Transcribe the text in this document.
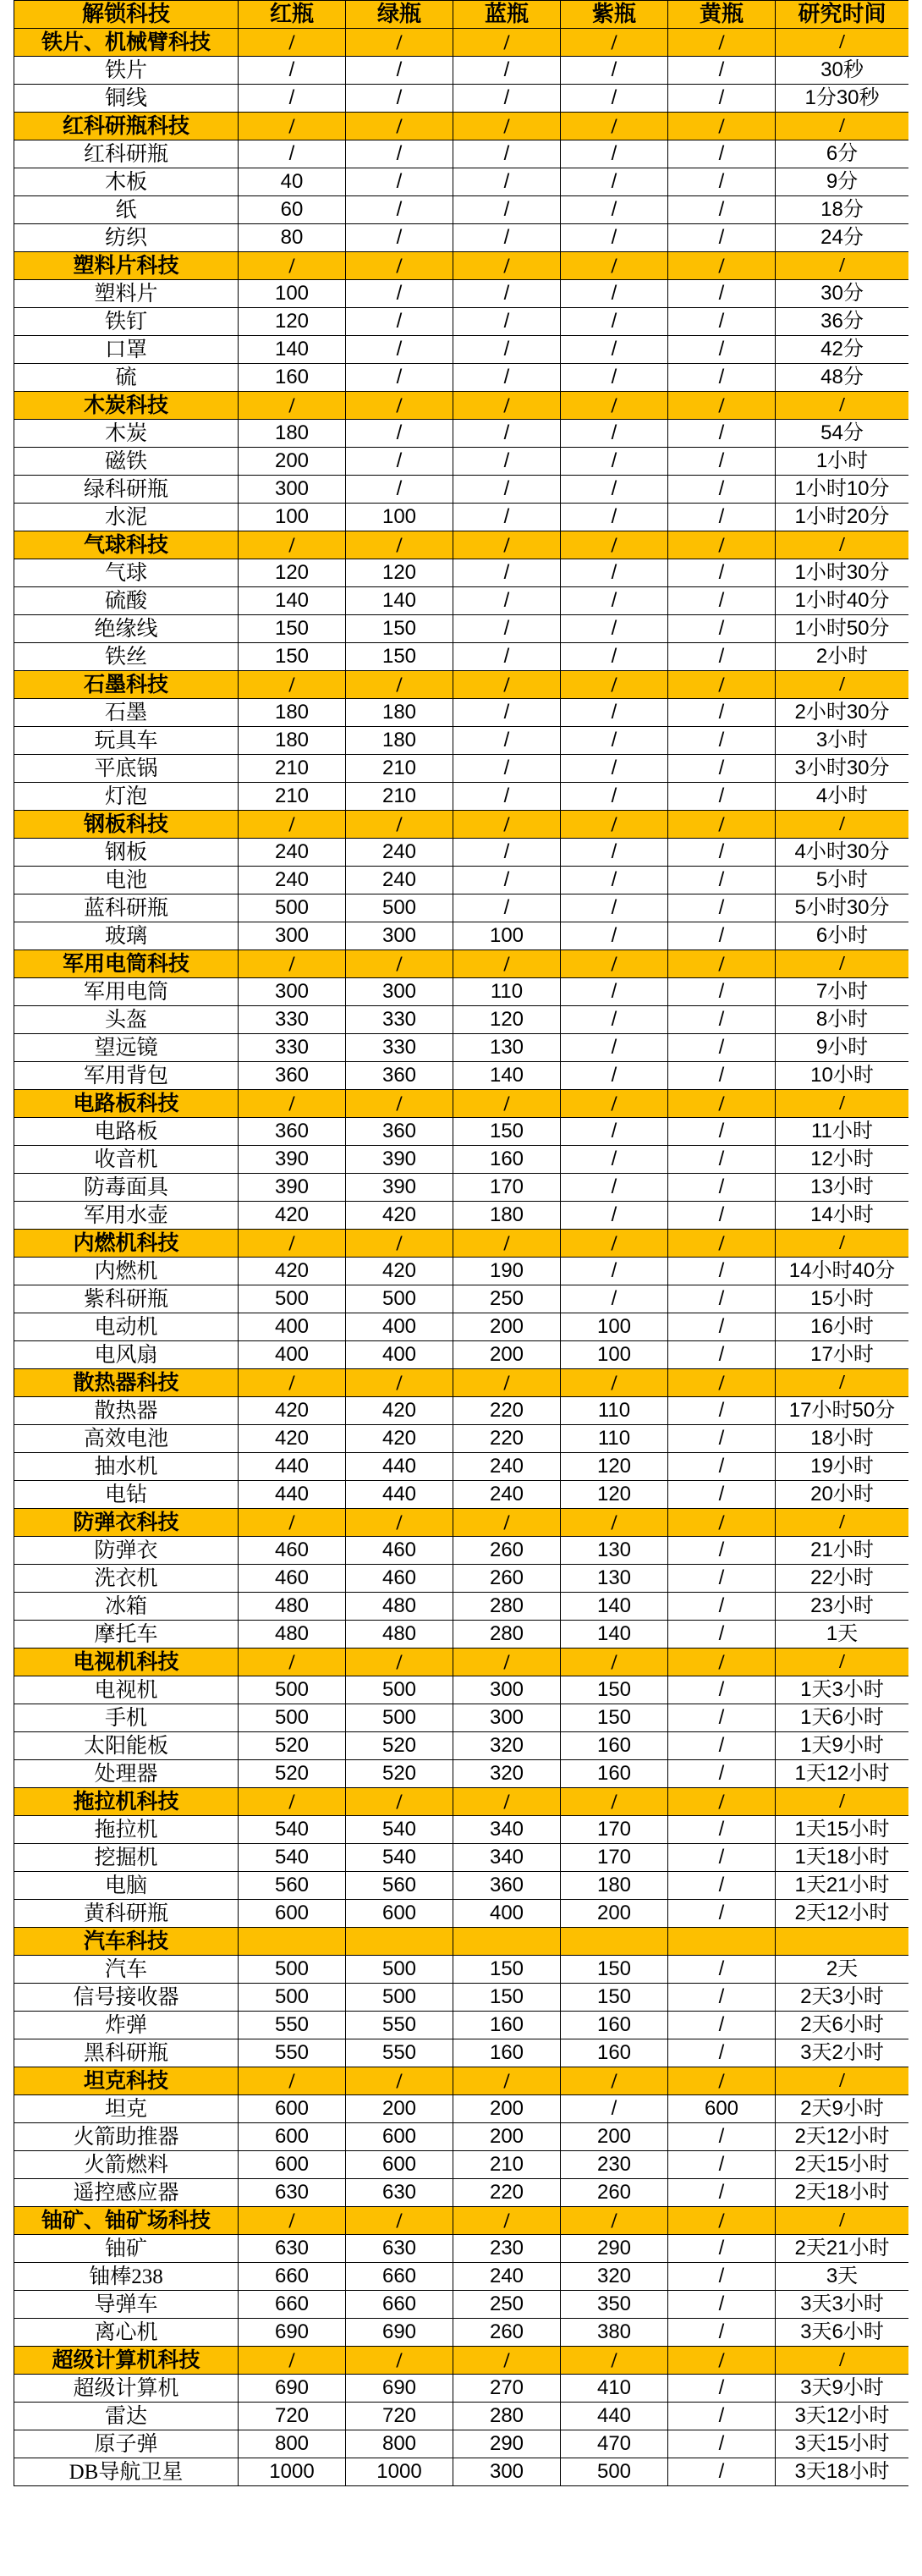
解锁科技	红瓶	绿瓶	蓝瓶	紫瓶	黄瓶	研究时间
铁片、机械臂科技	/	/	/	/	/	/
铁片	/	/	/	/	/	30秒
铜线	/	/	/	/	/	1分30秒
红科研瓶科技	/	/	/	/	/	/
红科研瓶	/	/	/	/	/	6分
木板	40	/	/	/	/	9分
纸	60	/	/	/	/	18分
纺织	80	/	/	/	/	24分
塑料片科技	/	/	/	/	/	/
塑料片	100	/	/	/	/	30分
铁钉	120	/	/	/	/	36分
口罩	140	/	/	/	/	42分
硫	160	/	/	/	/	48分
木炭科技	/	/	/	/	/	/
木炭	180	/	/	/	/	54分
磁铁	200	/	/	/	/	1小时
绿科研瓶	300	/	/	/	/	1小时10分
水泥	100	100	/	/	/	1小时20分
气球科技	/	/	/	/	/	/
气球	120	120	/	/	/	1小时30分
硫酸	140	140	/	/	/	1小时40分
绝缘线	150	150	/	/	/	1小时50分
铁丝	150	150	/	/	/	2小时
石墨科技	/	/	/	/	/	/
石墨	180	180	/	/	/	2小时30分
玩具车	180	180	/	/	/	3小时
平底锅	210	210	/	/	/	3小时30分
灯泡	210	210	/	/	/	4小时
钢板科技	/	/	/	/	/	/
钢板	240	240	/	/	/	4小时30分
电池	240	240	/	/	/	5小时
蓝科研瓶	500	500	/	/	/	5小时30分
玻璃	300	300	100	/	/	6小时
军用电筒科技	/	/	/	/	/	/
军用电筒	300	300	110	/	/	7小时
头盔	330	330	120	/	/	8小时
望远镜	330	330	130	/	/	9小时
军用背包	360	360	140	/	/	10小时
电路板科技	/	/	/	/	/	/
电路板	360	360	150	/	/	11小时
收音机	390	390	160	/	/	12小时
防毒面具	390	390	170	/	/	13小时
军用水壶	420	420	180	/	/	14小时
内燃机科技	/	/	/	/	/	/
内燃机	420	420	190	/	/	14小时40分
紫科研瓶	500	500	250	/	/	15小时
电动机	400	400	200	100	/	16小时
电风扇	400	400	200	100	/	17小时
散热器科技	/	/	/	/	/	/
散热器	420	420	220	110	/	17小时50分
高效电池	420	420	220	110	/	18小时
抽水机	440	440	240	120	/	19小时
电钻	440	440	240	120	/	20小时
防弹衣科技	/	/	/	/	/	/
防弹衣	460	460	260	130	/	21小时
洗衣机	460	460	260	130	/	22小时
冰箱	480	480	280	140	/	23小时
摩托车	480	480	280	140	/	1天
电视机科技	/	/	/	/	/	/
电视机	500	500	300	150	/	1天3小时
手机	500	500	300	150	/	1天6小时
太阳能板	520	520	320	160	/	1天9小时
处理器	520	520	320	160	/	1天12小时
拖拉机科技	/	/	/	/	/	/
拖拉机	540	540	340	170	/	1天15小时
挖掘机	540	540	340	170	/	1天18小时
电脑	560	560	360	180	/	1天21小时
黄科研瓶	600	600	400	200	/	2天12小时
汽车科技						
汽车	500	500	150	150	/	2天
信号接收器	500	500	150	150	/	2天3小时
炸弹	550	550	160	160	/	2天6小时
黑科研瓶	550	550	160	160	/	3天2小时
坦克科技	/	/	/	/	/	/
坦克	600	200	200	/	600	2天9小时
火箭助推器	600	600	200	200	/	2天12小时
火箭燃料	600	600	210	230	/	2天15小时
遥控感应器	630	630	220	260	/	2天18小时
铀矿、铀矿场科技	/	/	/	/	/	/
铀矿	630	630	230	290	/	2天21小时
铀棒238	660	660	240	320	/	3天
导弹车	660	660	250	350	/	3天3小时
离心机	690	690	260	380	/	3天6小时
超级计算机科技	/	/	/	/	/	/
超级计算机	690	690	270	410	/	3天9小时
雷达	720	720	280	440	/	3天12小时
原子弹	800	800	290	470	/	3天15小时
DB导航卫星	1000	1000	300	500	/	3天18小时
